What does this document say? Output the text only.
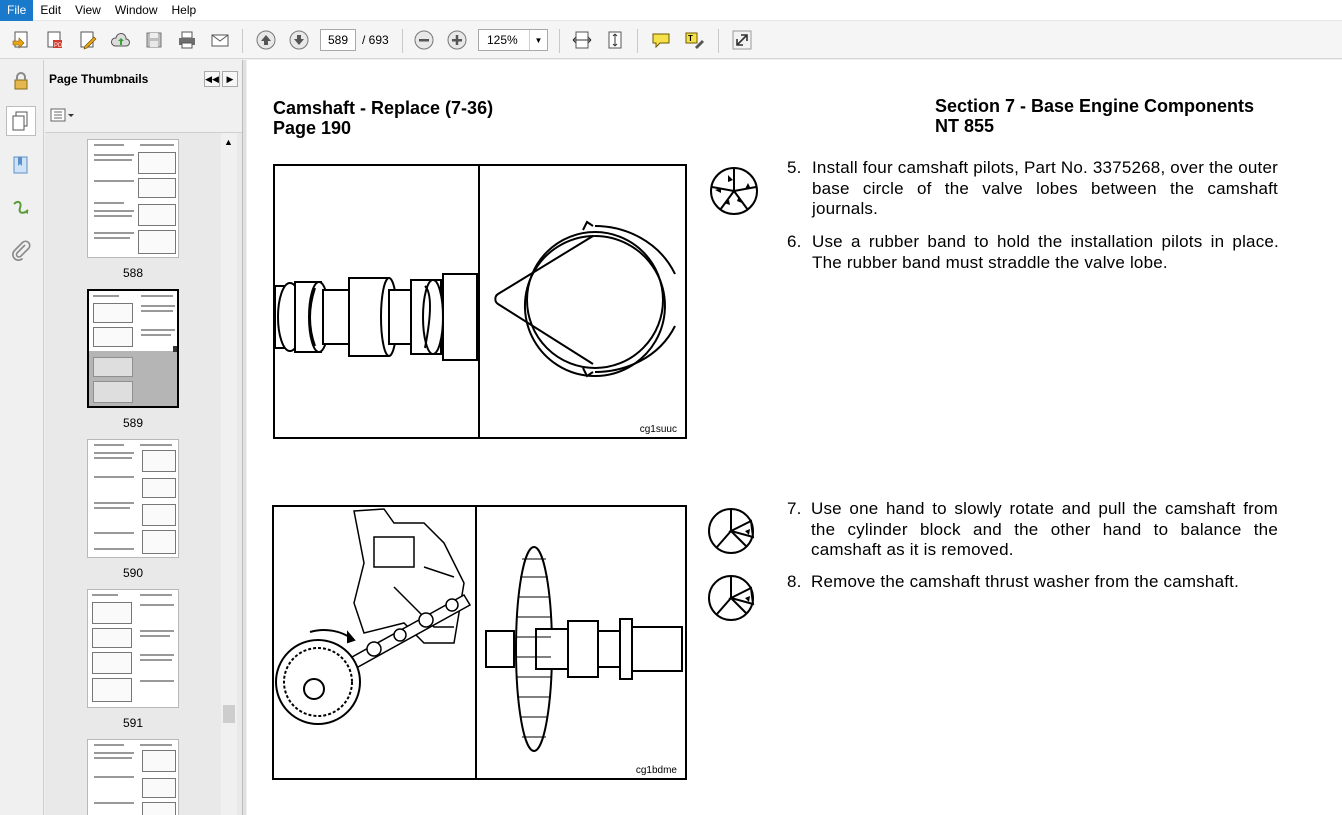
File	Edit	View	Window	Help
PDF
589	/ 693
125%	▼	T
Page Thumbnails	◀◀ ▶
588
589
590
591
▲
Camshaft - Replace (7-36)
Page 190
Section 7 - Base Engine Components
NT 855
cg1suuc
cg1bdme
5. Install four camshaft pilots, Part No. 3375268, over the outer base circle of the valve lobes between the camshaft journals.
6. Use a rubber band to hold the installation pilots in place. The rubber band must straddle the valve lobe.
7. Use one hand to slowly rotate and pull the camshaft from the cylinder block and the other hand to balance the camshaft as it is removed.
8. Remove the camshaft thrust washer from the camshaft.
